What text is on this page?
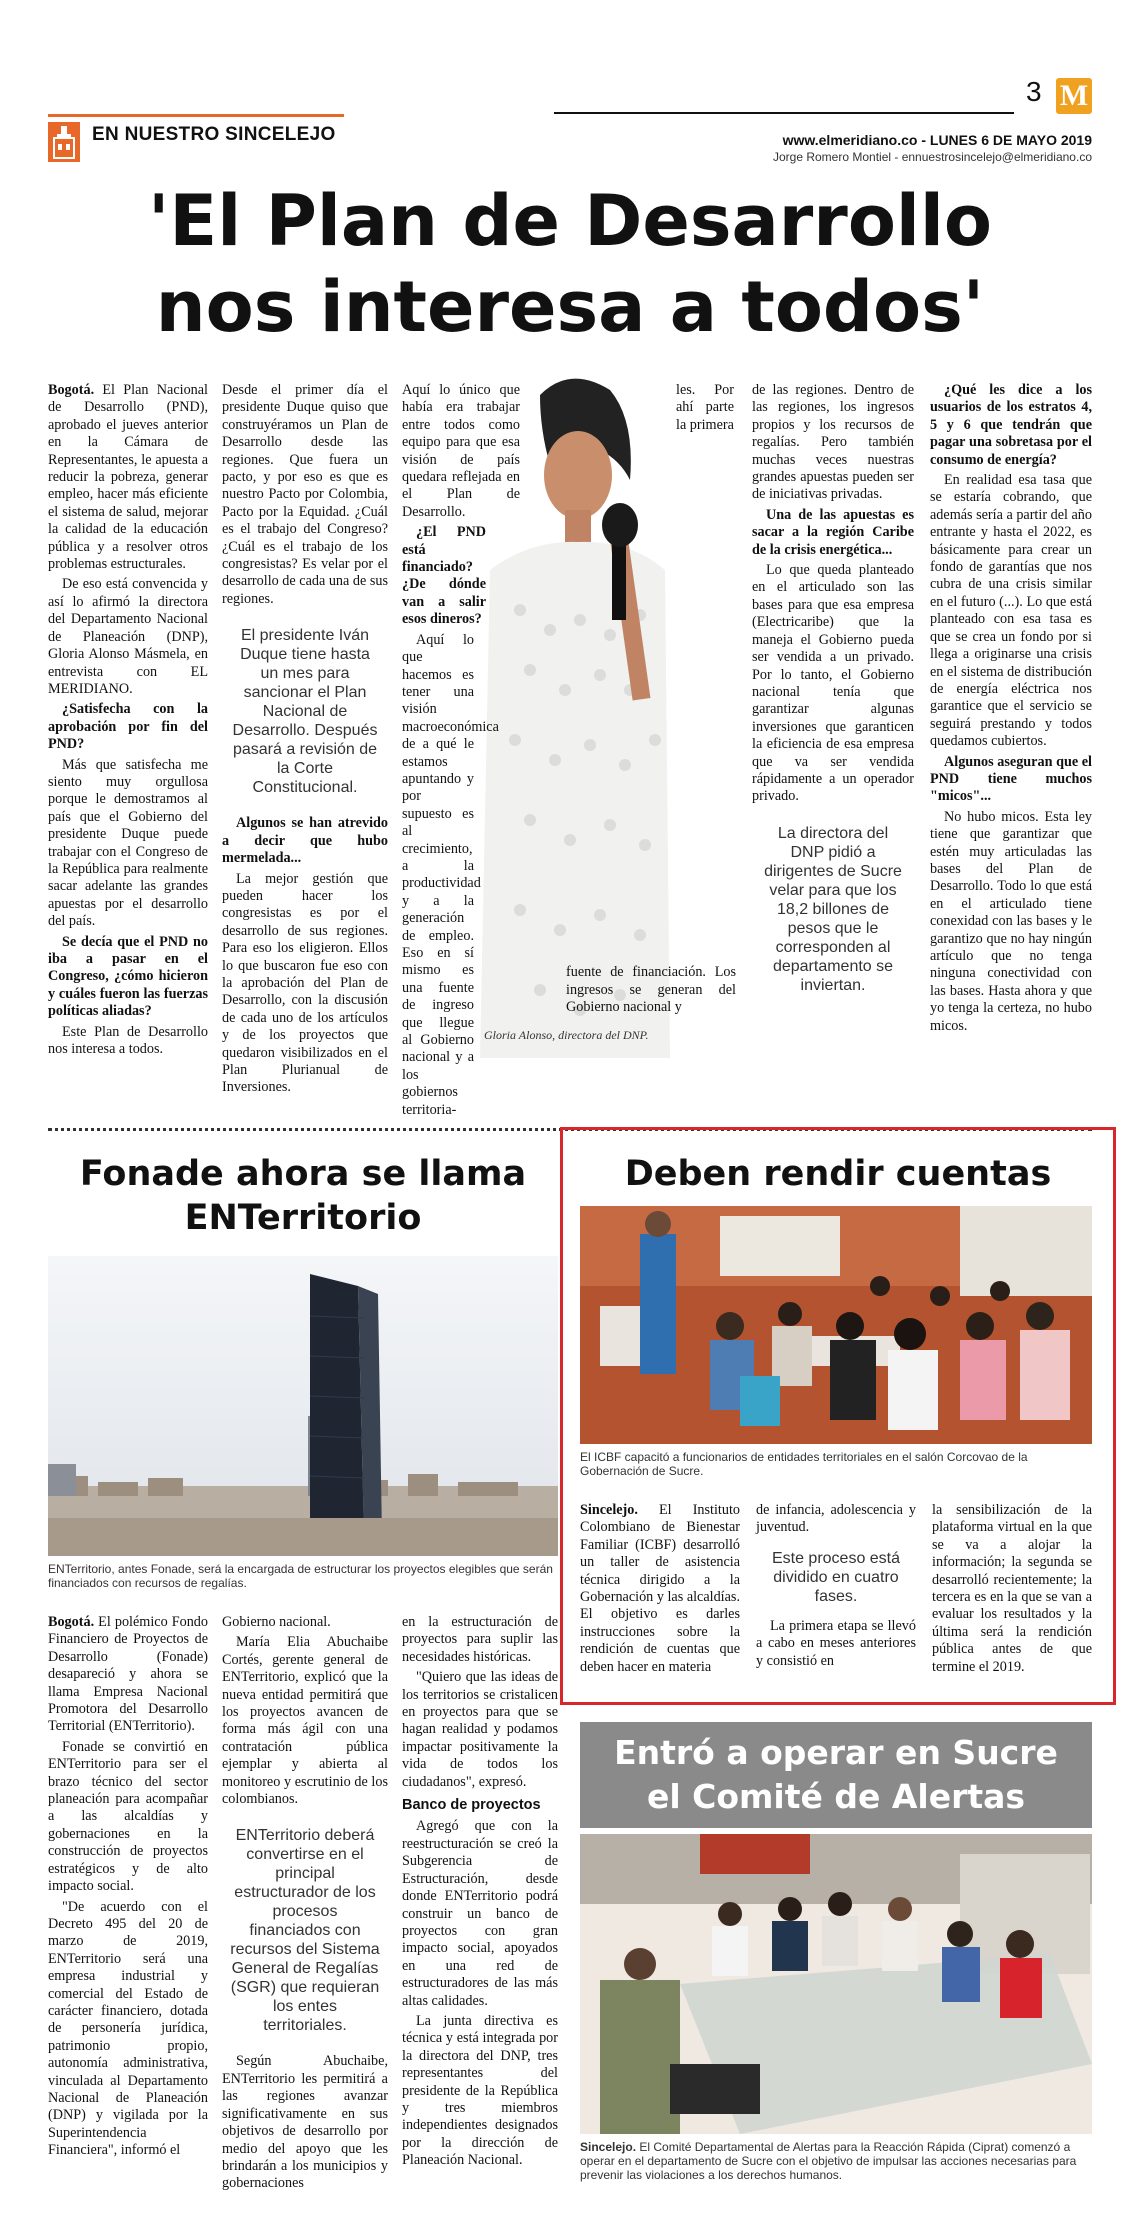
EN NUESTRO SINCELEJO
3 M
www.elmeridiano.co - LUNES 6 DE MAYO 2019
Jorge Romero Montiel - ennuestrosincelejo@elmeridiano.co
'El Plan de Desarrollo
nos interesa a todos'
Gloria Alonso, directora del DNP.

Bogotá. El Plan Nacional de Desarrollo (PND), aprobado el jueves anterior en la Cámara de Representantes, le apuesta a reducir la pobreza, generar empleo, hacer más eficiente el sistema de salud, mejorar la calidad de la educación pública y a resolver otros problemas estructurales.

De eso está convencida y así lo afirmó la directora del Departamento Nacional de Planeación (DNP), Gloria Alonso Másmela, en entrevista con EL MERIDIANO.

¿Satisfecha con la aprobación por fin del PND?

Más que satisfecha me siento muy orgullosa porque le demostramos al país que el Gobierno del presidente Duque puede trabajar con el Congreso de la República para realmente sacar adelante las grandes apuestas por el desarrollo del país.

Se decía que el PND no iba a pasar en el Congreso, ¿cómo hicieron y cuáles fueron las fuerzas políticas aliadas?

Este Plan de Desarrollo nos interesa a todos.

Desde el primer día el presidente Duque quiso que construyéramos un Plan de Desarrollo desde las regiones. Que fuera un pacto, y por eso es que es nuestro Pacto por Colombia, Pacto por la Equidad. ¿Cuál es el trabajo del Congreso? ¿Cuál es el trabajo de los congresistas? Es velar por el desarrollo de cada una de sus regiones.

El presidente Iván Duque tiene hasta un mes para sancionar el Plan Nacional de Desarrollo. Después pasará a revisión de la Corte Constitucional.

Algunos se han atrevido a decir que hubo mermelada...

La mejor gestión que pueden hacer los congresistas es por el desarrollo de sus regiones. Para eso los eligieron. Ellos lo que buscaron fue eso con la aprobación del Plan de Desarrollo, con la discusión de cada uno de los artículos y de los proyectos que quedaron visibilizados en el Plan Plurianual de Inversiones.

Aquí lo único que había era trabajar entre todos como equipo para que esa visión de país quedara reflejada en el Plan de Desarrollo.

¿El PND está financiado? ¿De dónde van a salir esos dineros?

Aquí lo que hacemos es tener una visión macroeconómica de a qué le estamos apuntando y por supuesto es al crecimiento, a la productividad y a la generación de empleo. Eso en sí mismo es una fuente de ingreso que llegue al Gobierno nacional y a los gobiernos territoria-

les. Por ahí parte la primera

fuente de financiación. Los ingresos se generan del Gobierno nacional y

de las regiones. Dentro de las regiones, los ingresos propios y los recursos de regalías. Pero también muchas veces nuestras grandes apuestas pueden ser de iniciativas privadas.

Una de las apuestas es sacar a la región Caribe de la crisis energética...

Lo que queda planteado en el articulado son las bases para que esa empresa (Electricaribe) que la maneja el Gobierno pueda ser vendida a un privado. Por lo tanto, el Gobierno nacional tenía que garantizar algunas inversiones que garanticen la eficiencia de esa empresa que va ser vendida rápidamente a un operador privado.

La directora del DNP pidió a dirigentes de Sucre velar para que los 18,2 billones de pesos que le corresponden al departamento se inviertan.

¿Qué les dice a los usuarios de los estratos 4, 5 y 6 que tendrán que pagar una sobretasa por el consumo de energía?

En realidad esa tasa que se estaría cobrando, que además sería a partir del año entrante y hasta el 2022, es básicamente para crear un fondo de garantías que nos cubra de una crisis similar en el futuro (...). Lo que está planteado con esa tasa es que se crea un fondo por si llega a originarse una crisis en el sistema de distribución de energía eléctrica nos garantice que el servicio se seguirá prestando y todos quedamos cubiertos.

Algunos aseguran que el PND tiene muchos "micos"...

No hubo micos. Esta ley tiene que garantizar que estén muy articuladas las bases del Plan de Desarrollo. Todo lo que está en el articulado tiene conexidad con las bases y le garantizo que no hay ningún artículo que no tenga ninguna conectividad con las bases. Hasta ahora y que yo tenga la certeza, no hubo micos.

Fonade ahora se llama
ENTerritorio
ENTerritorio, antes Fonade, será la encargada de estructurar los proyectos elegibles que serán financiados con recursos de regalías.

Bogotá. El polémico Fondo Financiero de Proyectos de Desarrollo (Fonade) desapareció y ahora se llama Empresa Nacional Promotora del Desarrollo Territorial (ENTerritorio).

Fonade se convirtió en ENTerritorio para ser el brazo técnico del sector planeación para acompañar a las alcaldías y gobernaciones en la construcción de proyectos estratégicos y de alto impacto social.

"De acuerdo con el Decreto 495 del 20 de marzo de 2019, ENTerritorio será una empresa industrial y comercial del Estado de carácter financiero, dotada de personería jurídica, patrimonio propio, autonomía administrativa, vinculada al Departamento Nacional de Planeación (DNP) y vigilada por la Superintendencia Financiera", informó el

Gobierno nacional.

María Elia Abuchaibe Cortés, gerente general de ENTerritorio, explicó que la nueva entidad permitirá que los proyectos avancen de forma más ágil con una contratación pública ejemplar y abierta al monitoreo y escrutinio de los colombianos.

ENTerritorio deberá convertirse en el principal estructurador de los procesos financiados con recursos del Sistema General de Regalías (SGR) que requieran los entes territoriales.

Según Abuchaibe, ENTerritorio les permitirá a las regiones avanzar significativamente en sus objetivos de desarrollo por medio del apoyo que les brindarán a los municipios y gobernaciones

en la estructuración de proyectos para suplir las necesidades históricas.

"Quiero que las ideas de los territorios se cristalicen en proyectos para que se hagan realidad y podamos impactar positivamente la vida de todos los ciudadanos", expresó.

Banco de proyectos

Agregó que con la reestructuración se creó la Subgerencia de Estructuración, desde donde ENTerritorio podrá construir un banco de proyectos con gran impacto social, apoyados en una red de estructuradores de las más altas calidades.

La junta directiva es técnica y está integrada por la directora del DNP, tres representantes del presidente de la República y tres miembros independientes designados por la dirección de Planeación Nacional.

Deben rendir cuentas
El ICBF capacitó a funcionarios de entidades territoriales en el salón Corcovao de la Gobernación de Sucre.

Sincelejo. El Instituto Colombiano de Bienestar Familiar (ICBF) desarrolló un taller de asistencia técnica dirigido a la Gobernación y las alcaldías. El objetivo es darles instrucciones sobre la rendición de cuentas que deben hacer en materia

de infancia, adolescencia y juventud.

Este proceso está dividido en cuatro fases.

La primera etapa se llevó a cabo en meses anteriores y consistió en

la sensibilización de la plataforma virtual en la que se va a alojar la información; la segunda se desarrolló recientemente; la tercera es en la que se van a evaluar los resultados y la última será la rendición pública antes de que termine el 2019.

Entró a operar en Sucre
el Comité de Alertas
Sincelejo. El Comité Departamental de Alertas para la Reacción Rápida (Ciprat) comenzó a operar en el departamento de Sucre con el objetivo de impulsar las acciones necesarias para prevenir las violaciones a los derechos humanos.
